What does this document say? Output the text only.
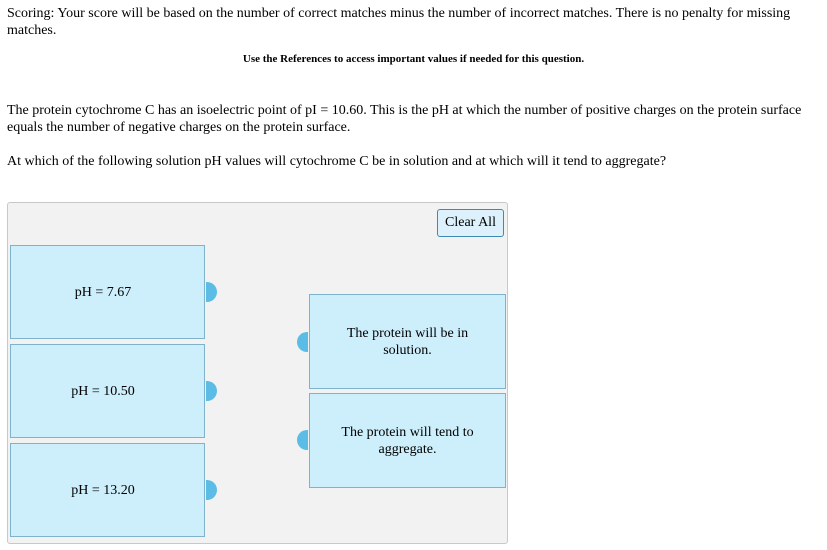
Scoring: Your score will be based on the number of correct matches minus the number of incorrect matches. There is no penalty for missing matches.
Use the References to access important values if needed for this question.
The protein cytochrome C has an isoelectric point of pI = 10.60. This is the pH at which the number of positive charges on the protein surface equals the number of negative charges on the protein surface.
At which of the following solution pH values will cytochrome C be in solution and at which will it tend to aggregate?
Clear All
pH = 7.67
pH = 10.50
pH = 13.20
The protein will be in solution.
The protein will tend to aggregate.
